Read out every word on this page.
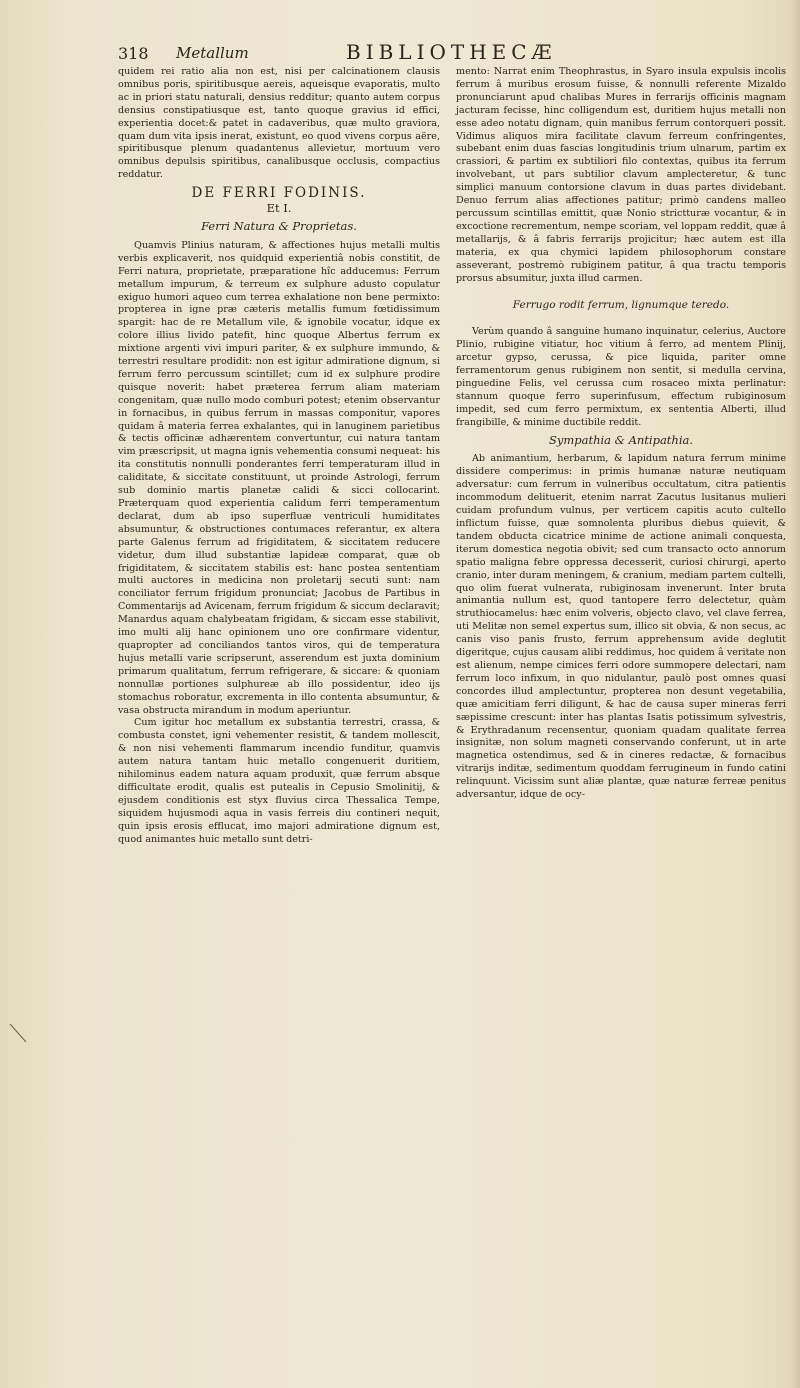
318 Metallum	BIBLIOTHECÆ

quidem rei ratio alia non est, nisi per calcinationem clausis omnibus poris, spiritibusque aereis, aqueisque evaporatis, multo ac in priori statu naturali, densius redditur; quanto autem corpus densius constipatiusque est, tanto quoque gravius id effici, experientia docet:& patet in cadaveribus, quæ multo graviora, quam dum vita ipsis inerat, existunt, eo quod vivens corpus aëre, spiritibusque plenum quadantenus allevietur, mortuum vero omnibus depulsis spiritibus, canalibusque occlusis, compactius reddatur.

DE FERRI FODINIS.
Et I.
Ferri Natura & Proprietas.

Quamvis Plinius naturam, & affectiones hujus metalli multis verbis explicaverit, nos quidquid experientiâ nobis constitit, de Ferri natura, proprietate, præparatione hîc adducemus: Ferrum metallum impurum, & terreum ex sulphure adusto copulatur exiguo humori aqueo cum terrea exhalatione non bene permixto: propterea in igne præ cæteris metallis fumum fœtidissimum spargit: hac de re Metallum vile, & ignobile vocatur, idque ex colore illius livido patefit, hinc quoque Albertus ferrum ex mixtione argenti vivi impuri pariter, & ex sulphure immundo, & terrestri resultare prodidit: non est igitur admiratione dignum, si ferrum ferro percussum scintillet; cum id ex sulphure prodire quisque noverit: habet præterea ferrum aliam materiam congenitam, quæ nullo modo comburi potest; etenim observantur in fornacibus, in quibus ferrum in massas componitur, vapores quidam â materia ferrea exhalantes, qui in lanuginem parietibus & tectis officinæ adhærentem convertuntur, cui natura tantam vim præscripsit, ut magna ignis vehementia consumi nequeat: his ita constitutis nonnulli ponderantes ferri temperaturam illud in caliditate, & siccitate constituunt, ut proinde Astrologi, ferrum sub dominio martis planetæ calidi & sicci collocarint. Præterquam quod experientia calidum ferri temperamentum declarat, dum ab ipso superfluæ ventriculi humiditates absumuntur, & obstructiones contumaces referantur, ex altera parte Galenus ferrum ad frigiditatem, & siccitatem reducere videtur, dum illud substantiæ lapideæ comparat, quæ ob frigiditatem, & siccitatem stabilis est: hanc postea sententiam multi auctores in medicina non proletarij secuti sunt: nam conciliator ferrum frigidum pronunciat; Jacobus de Partibus in Commentarijs ad Avicenam, ferrum frigidum & siccum declaravit; Manardus aquam chalybeatam frigidam, & siccam esse stabilivit, imo multi alij hanc opinionem uno ore confirmare videntur, quapropter ad conciliandos tantos viros, qui de temperatura hujus metalli varie scripserunt, asserendum est juxta dominium primarum qualitatum, ferrum refrigerare, & siccare: & quoniam nonnullæ portiones sulphureæ ab illo possidentur, ideo ijs stomachus roboratur, excrementa in illo contenta absumuntur, & vasa obstructa mirandum in modum aperiuntur.

Cum igitur hoc metallum ex substantia terrestri, crassa, & combusta constet, igni vehementer resistit, & tandem mollescit, & non nisi vehementi flammarum incendio funditur, quamvis autem natura tantam huic metallo congenuerit duritiem, nihilominus eadem natura aquam produxit, quæ ferrum absque difficultate erodit, qualis est putealis in Cepusio Smolinitij, & ejusdem conditionis est styx fluvius circa Thessalica Tempe, siquidem hujusmodi aqua in vasis ferreis diu contineri nequit, quin ipsis erosis efflucat, imo majori admiratione dignum est, quod animantes huic metallo sunt detri-

mento: Narrat enim Theophrastus, in Syaro insula expulsis incolis ferrum â muribus erosum fuisse, & nonnulli referente Mizaldo pronunciarunt apud chalibas Mures in ferrarijs officinis magnam jacturam fecisse, hinc colligendum est, duritiem hujus metalli non esse adeo notatu dignam, quin manibus ferrum contorqueri possit. Vidimus aliquos mira facilitate clavum ferreum confringentes, subebant enim duas fascias longitudinis trium ulnarum, partim ex crassiori, & partim ex subtiliori filo contextas, quibus ita ferrum involvebant, ut pars subtilior clavum amplecteretur, & tunc simplici manuum contorsione clavum in duas partes dividebant. Denuo ferrum alias affectiones patitur; primò candens malleo percussum scintillas emittit, quæ Nonio strictturæ vocantur, & in excoctione recrementum, nempe scoriam, vel loppam reddit, quæ â metallarijs, & â fabris ferrarijs projicitur; hæc autem est illa materia, ex qua chymici lapidem philosophorum constare asseverant, postremò rubiginem patitur, â qua tractu temporis prorsus absumitur, juxta illud carmen.

Ferrugo rodit ferrum, lignumque teredo.

Verùm quando â sanguine humano inquinatur, celerius, Auctore Plinio, rubigine vitiatur, hoc vitium â ferro, ad mentem Plinij, arcetur gypso, cerussa, & pice liquida, pariter omne ferramentorum genus rubiginem non sentit, si medulla cervina, pinguedine Felis, vel cerussa cum rosaceo mixta perlinatur: stannum quoque ferro superinfusum, effectum rubiginosum impedit, sed cum ferro permixtum, ex sententia Alberti, illud frangibille, & minime ductibile reddit.

Sympathia & Antipathia.

Ab animantium, herbarum, & lapidum natura ferrum minime dissidere comperimus: in primis humanæ naturæ neutiquam adversatur: cum ferrum in vulneribus occultatum, citra patientis incommodum delituerit, etenim narrat Zacutus lusitanus mulieri cuidam profundum vulnus, per verticem capitis acuto cultello inflictum fuisse, quæ somnolenta pluribus diebus quievit, & tandem obducta cicatrice minime de actione animali conquesta, iterum domestica negotia obivit; sed cum transacto octo annorum spatio maligna febre oppressa decesserit, curiosi chirurgi, aperto cranio, inter duram meningem, & cranium, mediam partem cultelli, quo olim fuerat vulnerata, rubiginosam invenerunt. Inter bruta animantia nullum est, quod tantopere ferro delectetur, quàm struthiocamelus: hæc enim volveris, objecto clavo, vel clave ferrea, uti Melitæ non semel expertus sum, illico sit obvia, & non secus, ac canis viso panis frusto, ferrum apprehensum avide deglutit digeritque, cujus causam alibi reddimus, hoc quidem â veritate non est alienum, nempe cimices ferri odore summopere delectari, nam ferrum loco infixum, in quo nidulantur, paulò post omnes quasi concordes illud amplectuntur, propterea non desunt vegetabilia, quæ amicitiam ferri diligunt, & hac de causa super mineras ferri sæpissime crescunt: inter has plantas Isatis potissimum sylvestris, & Erythradanum recensentur, quoniam quadam qualitate ferrea insignitæ, non solum magneti conservando conferunt, ut in arte magnetica ostendimus, sed & in cineres redactæ, & fornacibus vitrarijs inditæ, sedimentum quoddam ferrugineum in fundo catini relinquunt. Vicissim sunt aliæ plantæ, quæ naturæ ferreæ penitus adversantur, idque de ocy-
